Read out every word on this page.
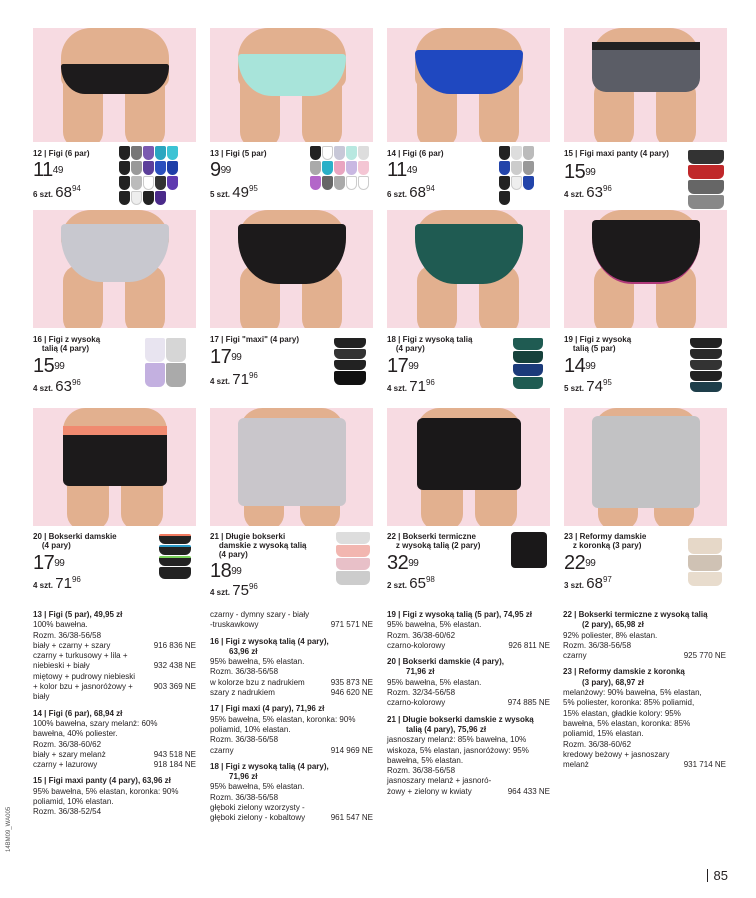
12 | Figi (6 par)
$11^{49}$
6 szt. $68^{94}$
13 | Figi (5 par)
$9^{99}$
5 szt. $49^{95}$
14 | Figi (6 par)
$11^{49}$
6 szt. $68^{94}$
15 | Figi maxi panty (4 pary)
$15^{99}$
4 szt. $63^{96}$
16 | Figi z wysoką
talią (4 pary)
$15^{99}$
4 szt. $63^{96}$
17 | Figi "maxi" (4 pary)
$17^{99}$
4 szt. $71^{96}$
18 | Figi z wysoką talią
(4 pary)
$17^{99}$
4 szt. $71^{96}$
19 | Figi z wysoką
talią (5 par)
$14^{99}$
5 szt. $74^{95}$
20 | Bokserki damskie
(4 pary)
$17^{99}$
4 szt. $71^{96}$
21 | Długie bokserki
damskie z wysoką talią
(4 pary)
$18^{99}$
4 szt. $75^{96}$
22 | Bokserki termiczne
z wysoką talią (2 pary)
$32^{99}$
2 szt. $65^{98}$
23 | Reformy damskie
z koronką (3 pary)
$22^{99}$
3 szt. $68^{97}$
13 | Figi (5 par), 49,95 zł
100% bawełna.
Rozm. 36/38-56/58
biały + czarny + szary	916 836 NE
czarny + turkusowy + lila +
niebieski + biały	932 438 NE
miętowy + pudrowy niebieski
+ kolor bzu + jasnoróżowy +	903 369 NE
biały
14 | Figi (6 par), 68,94 zł
100% bawełna, szary melanż: 60%
bawełna, 40% poliester.
Rozm. 36/38-60/62
biały + szary melanż	943 518 NE
czarny + lazurowy	918 184 NE
15 | Figi maxi panty (4 pary), 63,96 zł
95% bawełna, 5% elastan, koronka: 90%
poliamid, 10% elastan.
Rozm. 36/38-52/54
czarny - dymny szary - biały
-truskawkowy	971 571 NE
16 | Figi z wysoką talią (4 pary),
63,96 zł
95% bawełna, 5% elastan.
Rozm. 36/38-56/58
w kolorze bzu z nadrukiem	935 873 NE
szary z nadrukiem	946 620 NE
17 | Figi maxi (4 pary), 71,96 zł
95% bawełna, 5% elastan, koronka: 90%
poliamid, 10% elastan.
Rozm. 36/38-56/58
czarny	914 969 NE
18 | Figi z wysoką talią (4 pary),
71,96 zł
95% bawełna, 5% elastan.
Rozm. 36/38-56/58
głęboki zielony wzorzysty -
głęboki zielony - kobaltowy	961 547 NE
19 | Figi z wysoką talią (5 par), 74,95 zł
95% bawełna, 5% elastan.
Rozm. 36/38-60/62
czarno-kolorowy	926 811 NE
20 | Bokserki damskie (4 pary),
71,96 zł
95% bawełna, 5% elastan.
Rozm. 32/34-56/58
czarno-kolorowy	974 885 NE
21 | Długie bokserki damskie z wysoką
talią (4 pary), 75,96 zł
jasnoszary melanż: 85% bawełna, 10%
wiskoza, 5% elastan, jasnoróżowy: 95%
bawełna, 5% elastan.
Rozm. 36/38-56/58
jasnoszary melanż + jasnoró-
żowy + zielony w kwiaty	964 433 NE
22 | Bokserki termiczne z wysoką talią
(2 pary), 65,98 zł
92% poliester, 8% elastan.
Rozm. 36/38-56/58
czarny	925 770 NE
23 | Reformy damskie z koronką
(3 pary), 68,97 zł
melanżowy: 90% bawełna, 5% elastan,
5% poliester, koronka: 85% poliamid,
15% elastan, gładkie kolory: 95%
bawełna, 5% elastan, koronka: 85%
poliamid, 15% elastan.
Rozm. 36/38-60/62
kredowy beżowy + jasnoszary
melanż	931 714 NE
85
14BM09_WA005
